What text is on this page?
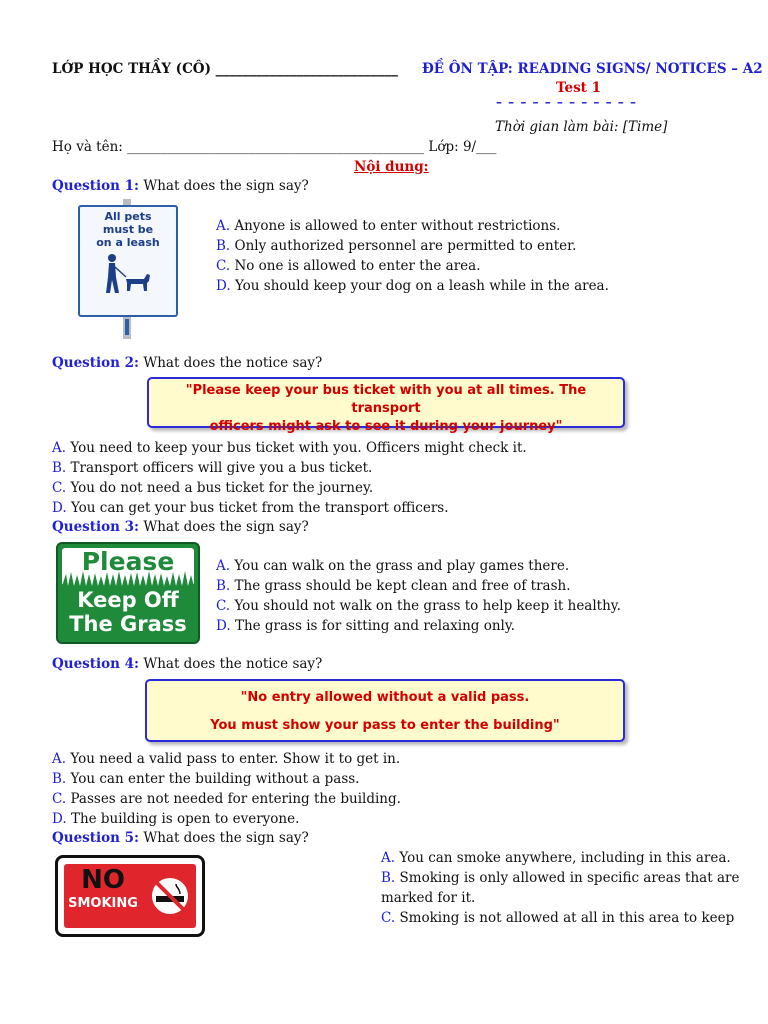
LỚP HỌC THẦY (CÔ) ___________________________ ĐỀ ÔN TẬP: READING SIGNS/ NOTICES – A2
Test 1
– – – – – – – – – – – –
Thời gian làm bài: [Time]
Họ và tên: ____________________________________________ Lớp: 9/___
Nội dung:
Question 1: What does the sign say?
All pets
must be
on a leash
A. Anyone is allowed to enter without restrictions.
B. Only authorized personnel are permitted to enter.
C. No one is allowed to enter the area.
D. You should keep your dog on a leash while in the area.
Question 2: What does the notice say?
"Please keep your bus ticket with you at all times. The transport
officers might ask to see it during your journey"
A. You need to keep your bus ticket with you. Officers might check it.
B. Transport officers will give you a bus ticket.
C. You do not need a bus ticket for the journey.
D. You can get your bus ticket from the transport officers.
Question 3: What does the sign say?
Please
Keep Off
The Grass
A. You can walk on the grass and play games there.
B. The grass should be kept clean and free of trash.
C. You should not walk on the grass to help keep it healthy.
D. The grass is for sitting and relaxing only.
Question 4: What does the notice say?
"No entry allowed without a valid pass.
You must show your pass to enter the building"
A. You need a valid pass to enter. Show it to get in.
B. You can enter the building without a pass.
C. Passes are not needed for entering the building.
D. The building is open to everyone.
Question 5: What does the sign say?
NO
SMOKING
A. You can smoke anywhere, including in this area.
B. Smoking is only allowed in specific areas that are
marked for it.
C. Smoking is not allowed at all in this area to keep
